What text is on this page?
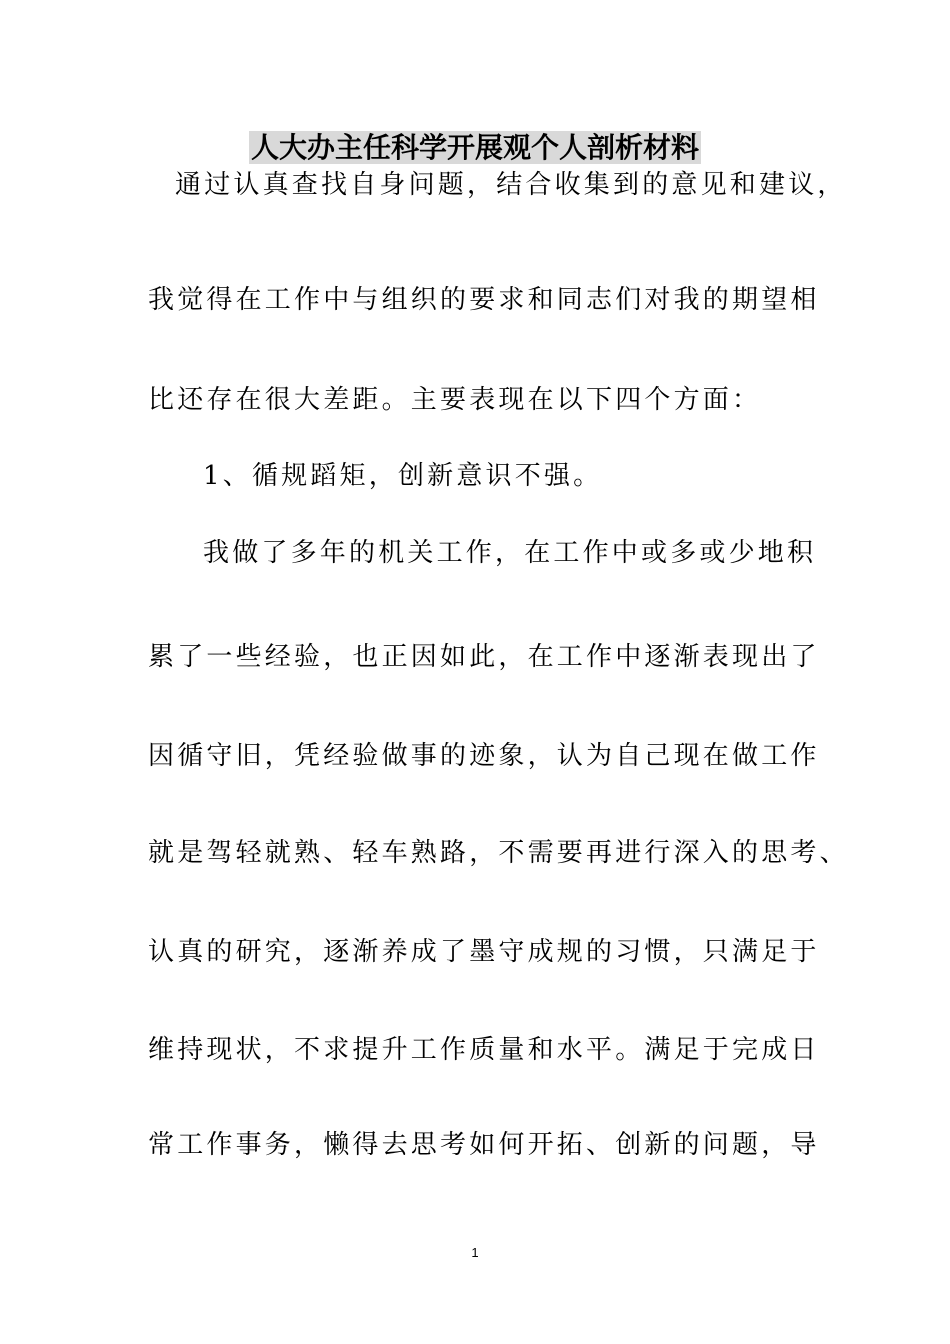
人大办主任科学开展观个人剖析材料

通过认真查找自身问题，结合收集到的意见和建议，

我觉得在工作中与组织的要求和同志们对我的期望相

比还存在很大差距。主要表现在以下四个方面：

1、循规蹈矩，创新意识不强。

我做了多年的机关工作，在工作中或多或少地积

累了一些经验，也正因如此，在工作中逐渐表现出了

因循守旧，凭经验做事的迹象，认为自己现在做工作

就是驾轻就熟、轻车熟路，不需要再进行深入的思考、

认真的研究，逐渐养成了墨守成规的习惯，只满足于

维持现状，不求提升工作质量和水平。满足于完成日

常工作事务，懒得去思考如何开拓、创新的问题，导

1
